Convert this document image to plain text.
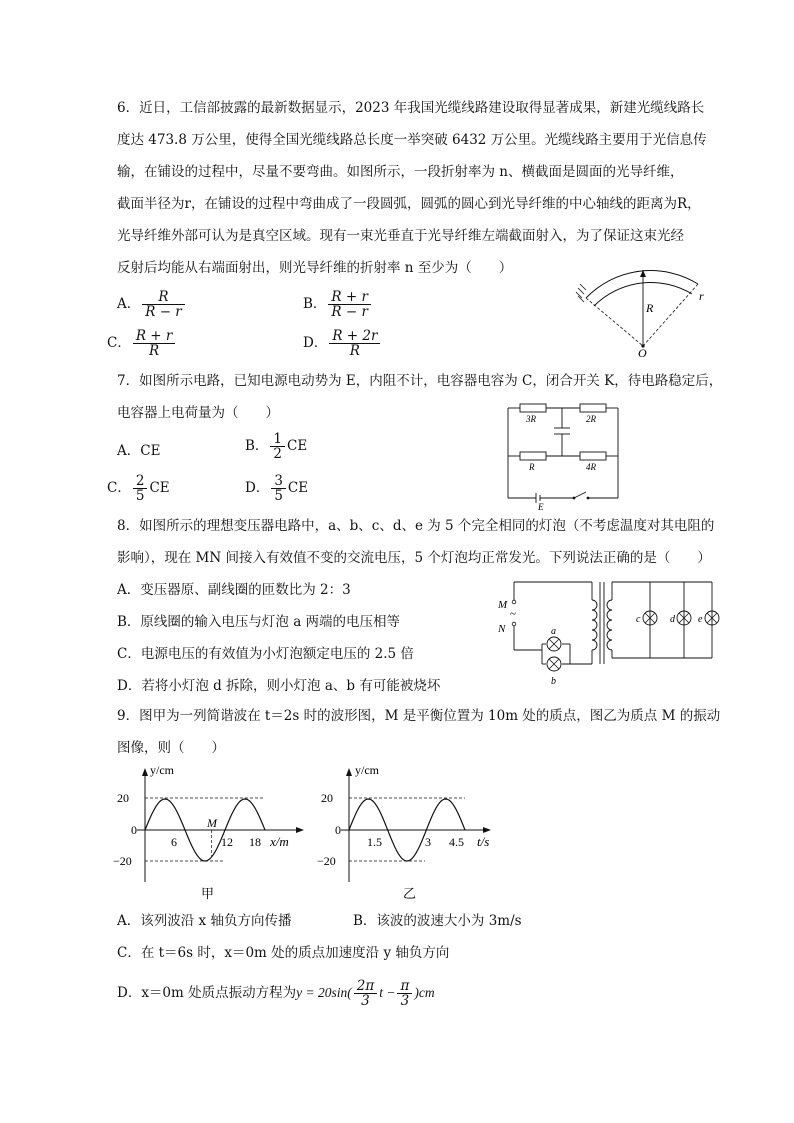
6．近日，工信部披露的最新数据显示，2023 年我国光缆线路建设取得显著成果，新建光缆线路长
度达 473.8 万公里，使得全国光缆线路总长度一举突破 6432 万公里。光缆线路主要用于光信息传
输，在铺设的过程中，尽量不要弯曲。如图所示，一段折射率为 n、横截面是圆面的光导纤维，
截面半径为r，在铺设的过程中弯曲成了一段圆弧，圆弧的圆心到光导纤维的中心轴线的距离为R，
光导纤维外部可认为是真空区域。现有一束光垂直于光导纤维左端截面射入，为了保证这束光经
反射后均能从右端面射出，则光导纤维的折射率 n 至少为（　　）
A． $\frac{R}{R - r}$	B． $\frac{R + r}{R - r}$
C． $\frac{R + r}{R}$	D． $\frac{R + 2r}{R}$
R
r
O
7．如图所示电路，已知电源电动势为 E，内阻不计，电容器电容为 C，闭合开关 K，待电路稳定后，
电容器上电荷量为（　　）
A．CE	B． $\frac{1}{2}$ CE
C． $\frac{2}{5}$ CE	D． $\frac{3}{5}$ CE
3R	2R
R	4R
E
8．如图所示的理想变压器电路中，a、b、c、d、e 为 5 个完全相同的灯泡（不考虑温度对其电阻的
影响），现在 MN 间接入有效值不变的交流电压，5 个灯泡均正常发光。下列说法正确的是（　　）
A．变压器原、副线圈的匝数比为 2：3
B．原线圈的输入电压与灯泡 a 两端的电压相等
C．电源电压的有效值为小灯泡额定电压的 2.5 倍
D．若将小灯泡 d 拆除，则小灯泡 a、b 有可能被烧坏
M
N
~
a
b
c	d e
9．图甲为一列简谐波在 t＝2s 时的波形图，M 是平衡位置为 10m 处的质点，图乙为质点 M 的振动
图像，则（　　）
y/cm
20
0
−20
6	12 18
M
x/m
甲
y/cm
20
0
−20
1.5	3 4.5 t/s
乙
A．该列波沿 x 轴负方向传播	B．该波的波速大小为 3m/s
C．在 t＝6s 时，x＝0m 处的质点加速度沿 y 轴负方向
D．x＝0m 处质点振动方程为$y = 20\sin( \frac{2\pi}{3}$ $t - \frac{\pi}{3} )cm$
